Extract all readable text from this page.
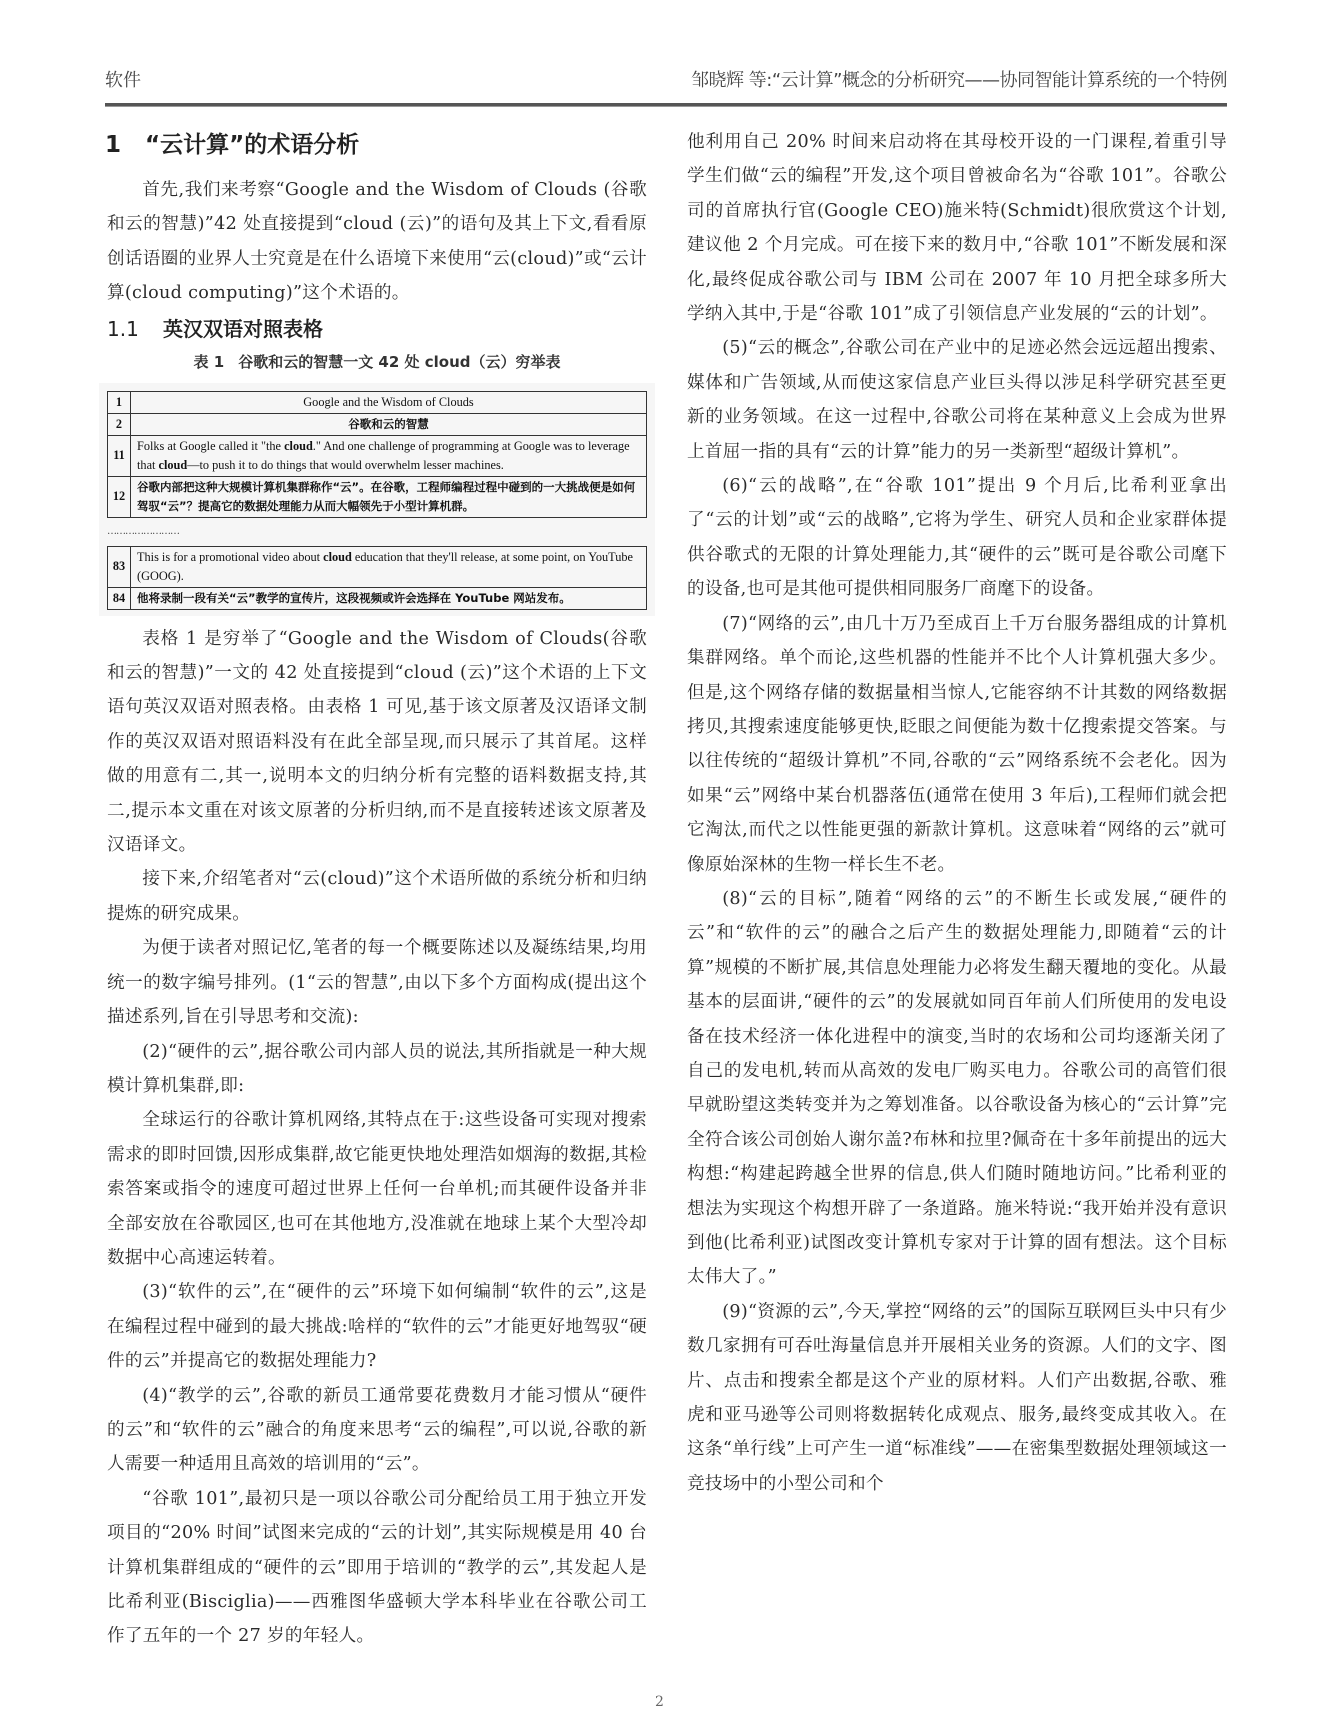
软件	邹晓辉 等:“云计算”概念的分析研究——协同智能计算系统的一个特例
1 “云计算”的术语分析

首先,我们来考察“Google and the Wisdom of Clouds (谷歌和云的智慧)”42 处直接提到“cloud (云)”的语句及其上下文,看看原创话语圈的业界人士究竟是在什么语境下来使用“云(cloud)”或“云计算(cloud computing)”这个术语的。

1.1 英汉双语对照表格
表 1 谷歌和云的智慧一文 42 处 cloud（云）穷举表
1	Google and the Wisdom of Clouds
2	谷歌和云的智慧
11	Folks at Google called it "the cloud." And one challenge of programming at Google was to leverage that cloud—to push it to do things that would overwhelm lesser machines.
12	谷歌内部把这种大规模计算机集群称作“云”。在谷歌，工程师编程过程中碰到的一大挑战便是如何驾驭“云”？提高它的数据处理能力从而大幅领先于小型计算机群。
……………………
83	This is for a promotional video about cloud education that they'll release, at some point, on YouTube (GOOG).
84	他将录制一段有关“云”教学的宣传片，这段视频或许会选择在 YouTube 网站发布。

表格 1 是穷举了“Google and the Wisdom of Clouds(谷歌和云的智慧)”一文的 42 处直接提到“cloud (云)”这个术语的上下文语句英汉双语对照表格。由表格 1 可见,基于该文原著及汉语译文制作的英汉双语对照语料没有在此全部呈现,而只展示了其首尾。这样做的用意有二,其一,说明本文的归纳分析有完整的语料数据支持,其二,提示本文重在对该文原著的分析归纳,而不是直接转述该文原著及汉语译文。

接下来,介绍笔者对“云(cloud)”这个术语所做的系统分析和归纳提炼的研究成果。

为便于读者对照记忆,笔者的每一个概要陈述以及凝练结果,均用统一的数字编号排列。(1“云的智慧”,由以下多个方面构成(提出这个描述系列,旨在引导思考和交流):

(2)“硬件的云”,据谷歌公司内部人员的说法,其所指就是一种大规模计算机集群,即:

全球运行的谷歌计算机网络,其特点在于:这些设备可实现对搜索需求的即时回馈,因形成集群,故它能更快地处理浩如烟海的数据,其检索答案或指令的速度可超过世界上任何一台单机;而其硬件设备并非全部安放在谷歌园区,也可在其他地方,没准就在地球上某个大型冷却数据中心高速运转着。

(3)“软件的云”,在“硬件的云”环境下如何编制“软件的云”,这是在编程过程中碰到的最大挑战:啥样的“软件的云”才能更好地驾驭“硬件的云”并提高它的数据处理能力?

(4)“教学的云”,谷歌的新员工通常要花费数月才能习惯从“硬件的云”和“软件的云”融合的角度来思考“云的编程”,可以说,谷歌的新人需要一种适用且高效的培训用的“云”。

“谷歌 101”,最初只是一项以谷歌公司分配给员工用于独立开发项目的“20% 时间”试图来完成的“云的计划”,其实际规模是用 40 台计算机集群组成的“硬件的云”即用于培训的“教学的云”,其发起人是比希利亚(Bisciglia)——西雅图华盛顿大学本科毕业在谷歌公司工作了五年的一个 27 岁的年轻人。

他利用自己 20% 时间来启动将在其母校开设的一门课程,着重引导学生们做“云的编程”开发,这个项目曾被命名为“谷歌 101”。谷歌公司的首席执行官(Google CEO)施米特(Schmidt)很欣赏这个计划,建议他 2 个月完成。可在接下来的数月中,“谷歌 101”不断发展和深化,最终促成谷歌公司与 IBM 公司在 2007 年 10 月把全球多所大学纳入其中,于是“谷歌 101”成了引领信息产业发展的“云的计划”。

(5)“云的概念”,谷歌公司在产业中的足迹必然会远远超出搜索、媒体和广告领域,从而使这家信息产业巨头得以涉足科学研究甚至更新的业务领域。在这一过程中,谷歌公司将在某种意义上会成为世界上首屈一指的具有“云的计算”能力的另一类新型“超级计算机”。

(6)“云的战略”,在“谷歌 101”提出 9 个月后,比希利亚拿出了“云的计划”或“云的战略”,它将为学生、研究人员和企业家群体提供谷歌式的无限的计算处理能力,其“硬件的云”既可是谷歌公司麾下的设备,也可是其他可提供相同服务厂商麾下的设备。

(7)“网络的云”,由几十万乃至成百上千万台服务器组成的计算机集群网络。单个而论,这些机器的性能并不比个人计算机强大多少。但是,这个网络存储的数据量相当惊人,它能容纳不计其数的网络数据拷贝,其搜索速度能够更快,眨眼之间便能为数十亿搜索提交答案。与以往传统的“超级计算机”不同,谷歌的“云”网络系统不会老化。因为如果“云”网络中某台机器落伍(通常在使用 3 年后),工程师们就会把它淘汰,而代之以性能更强的新款计算机。这意味着“网络的云”就可像原始深林的生物一样长生不老。

(8)“云的目标”,随着“网络的云”的不断生长或发展,“硬件的云”和“软件的云”的融合之后产生的数据处理能力,即随着“云的计算”规模的不断扩展,其信息处理能力必将发生翻天覆地的变化。从最基本的层面讲,“硬件的云”的发展就如同百年前人们所使用的发电设备在技术经济一体化进程中的演变,当时的农场和公司均逐渐关闭了自己的发电机,转而从高效的发电厂购买电力。谷歌公司的高管们很早就盼望这类转变并为之筹划准备。以谷歌设备为核心的“云计算”完全符合该公司创始人谢尔盖?布林和拉里?佩奇在十多年前提出的远大构想:“构建起跨越全世界的信息,供人们随时随地访问。”比希利亚的想法为实现这个构想开辟了一条道路。施米特说:“我开始并没有意识到他(比希利亚)试图改变计算机专家对于计算的固有想法。这个目标太伟大了。”

(9)“资源的云”,今天,掌控“网络的云”的国际互联网巨头中只有少数几家拥有可吞吐海量信息并开展相关业务的资源。人们的文字、图片、点击和搜索全都是这个产业的原材料。人们产出数据,谷歌、雅虎和亚马逊等公司则将数据转化成观点、服务,最终变成其收入。在这条“单行线”上可产生一道“标准线”——在密集型数据处理领域这一竞技场中的小型公司和个

2
